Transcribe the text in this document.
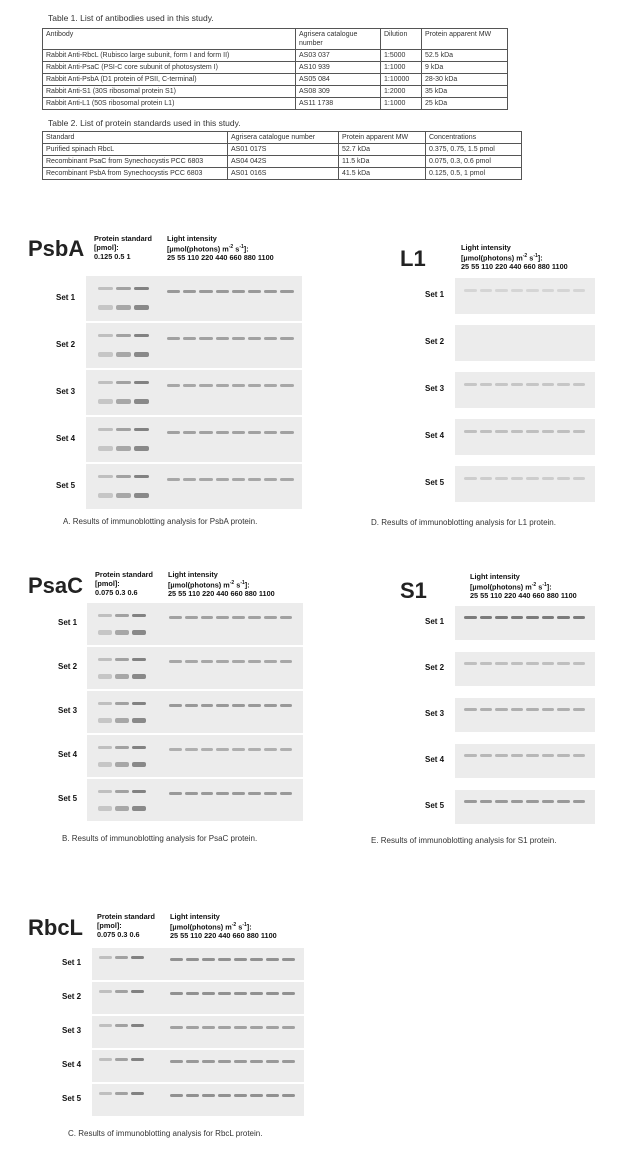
Table 1. List of antibodies used in this study.
Antibody	Agrisera catalogue number	Dilution	Protein apparent MW
Rabbit Anti-RbcL (Rubisco large subunit, form I and form II)	AS03 037	1:5000	52.5 kDa
Rabbit Anti-PsaC (PSI-C core subunit of photosystem I)	AS10 939	1:1000	9 kDa
Rabbit Anti-PsbA (D1 protein of PSII, C-terminal)	AS05 084	1:10000	28-30 kDa
Rabbit Anti-S1 (30S ribosomal protein S1)	AS08 309	1:2000	35 kDa
Rabbit Anti-L1 (50S ribosomal protein L1)	AS11 1738	1:1000	25 kDa
Table 2. List of protein standards used in this study.
Standard	Agrisera catalogue number	Protein apparent MW	Concentrations
Purified spinach RbcL	AS01 017S	52.7 kDa	0.375, 0.75, 1.5 pmol
Recombinant PsaC from Synechocystis PCC 6803	AS04 042S	11.5 kDa	0.075, 0.3, 0.6 pmol
Recombinant PsbA from Synechocystis PCC 6803	AS01 016S	41.5 kDa	0.125, 0.5, 1 pmol
PsbA Protein standard
[pmol]:
0.125 0.5 1
Light intensity
[µmol(photons) $m^{-2}$ $s^{-1}$]:
25 55 110 220 440 660 880 1100
A. Results of immunoblotting analysis for PsbA protein.
PsaC Protein standard
[pmol]:
0.075 0.3 0.6
Light intensity
[µmol(photons) $m^{-2}$ $s^{-1}$]:
25 55 110 220 440 660 880 1100
B. Results of immunoblotting analysis for PsaC protein.
RbcL Protein standard
[pmol]:
0.075 0.3 0.6
Light intensity
[µmol(photons) $m^{-2}$ $s^{-1}$]:
25 55 110 220 440 660 880 1100
C. Results of immunoblotting analysis for RbcL protein.
L1	Light intensity
[µmol(photons) $m^{-2}$ $s^{-1}$]:
25 55 110 220 440 660 880 1100
D. Results of immunoblotting analysis for L1 protein.
S1
Light intensity
[µmol(photons) $m^{-2}$ $s^{-1}$]:
25 55 110 220 440 660 880 1100
E. Results of immunoblotting analysis for S1 protein.
Set 1
Set 2
Set 3
Set 4
Set 5
Set 1
Set 2
Set 3
Set 4
Set 5
Set 1
Set 2
Set 3
Set 4
Set 5
Set 1
Set 2
Set 3
Set 4
Set 5
Set 1
Set 2
Set 3
Set 4
Set 5
